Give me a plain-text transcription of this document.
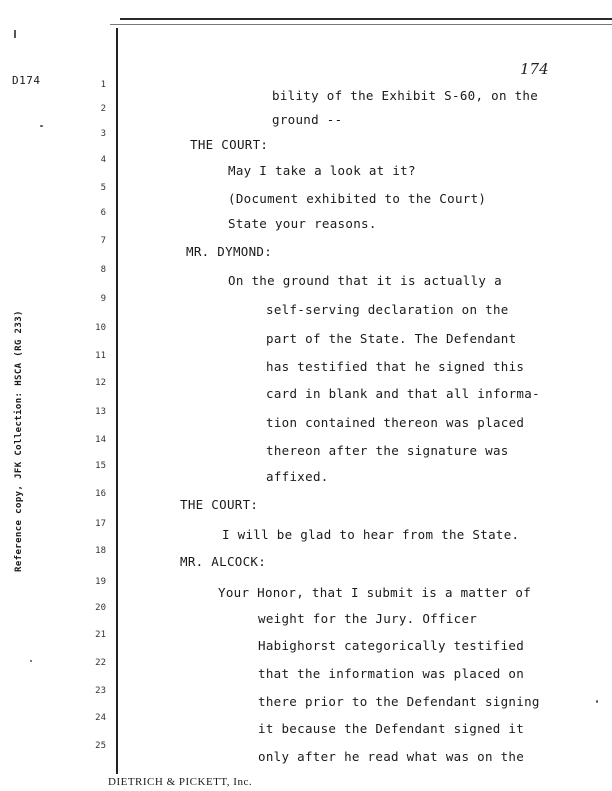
D174
174
Reference copy, JFK Collection: HSCA (RG 233)
1
bility of the Exhibit S-60, on the
2
ground --
3
THE COURT:
4
May I take a look at it?
5
(Document exhibited to the Court)
6
State your reasons.
7
MR. DYMOND:
8
On the ground that it is actually a
9
self-serving declaration on the
10
part of the State. The Defendant
11
has testified that he signed this
12
card in blank and that all informa-
13
tion contained thereon was placed
14
thereon after the signature was
15
affixed.
16
THE COURT:
17
I will be glad to hear from the State.
18
MR. ALCOCK:
19
Your Honor, that I submit is a matter of
20
weight for the Jury. Officer
21
Habighorst categorically testified
22
that the information was placed on
23
there prior to the Defendant signing
24
it because the Defendant signed it
25
only after he read what was on the
DIETRICH & PICKETT, Inc.
